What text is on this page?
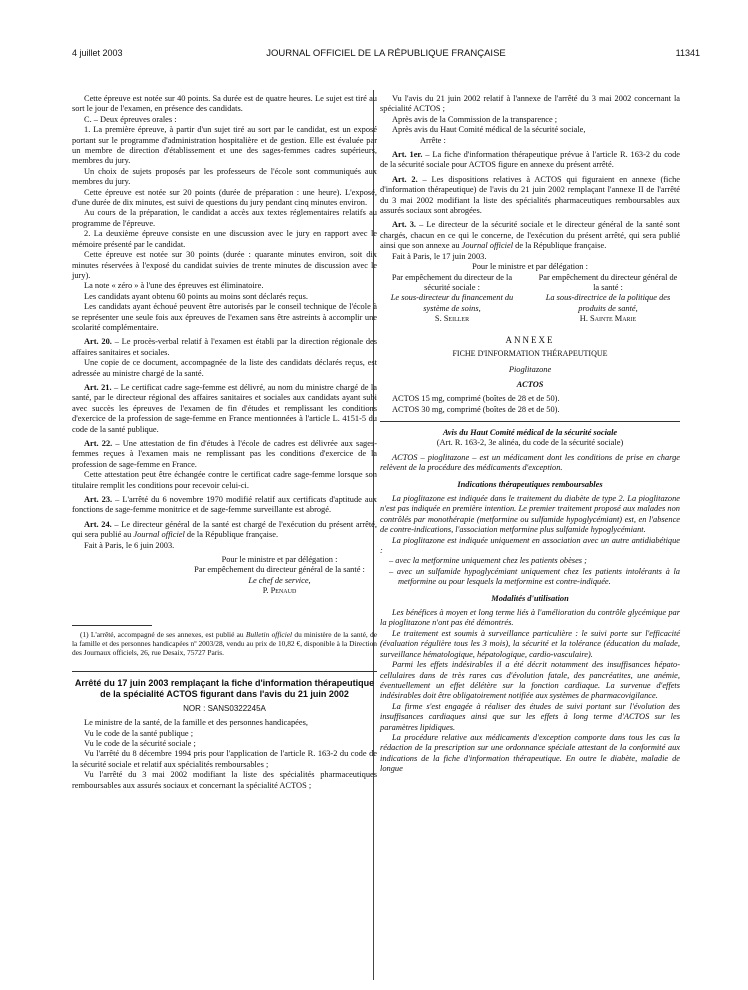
4 juillet 2003	JOURNAL OFFICIEL DE LA RÉPUBLIQUE FRANÇAISE	11341

Cette épreuve est notée sur 40 points. Sa durée est de quatre heures. Le sujet est tiré au sort le jour de l'examen, en présence des candidats.

C. – Deux épreuves orales :

1. La première épreuve, à partir d'un sujet tiré au sort par le candidat, est un exposé portant sur le programme d'administration hospitalière et de gestion. Elle est évaluée par un membre de direction d'établissement et une des sages-femmes cadres supérieurs, membres du jury.

Un choix de sujets proposés par les professeurs de l'école sont communiqués aux membres du jury.

Cette épreuve est notée sur 20 points (durée de préparation : une heure). L'exposé, d'une durée de dix minutes, est suivi de questions du jury pendant cinq minutes environ.

Au cours de la préparation, le candidat a accès aux textes réglementaires relatifs au programme de l'épreuve.

2. La deuxième épreuve consiste en une discussion avec le jury en rapport avec le mémoire présenté par le candidat.

Cette épreuve est notée sur 30 points (durée : quarante minutes environ, soit dix minutes réservées à l'exposé du candidat suivies de trente minutes de discussion avec le jury).

La note « zéro » à l'une des épreuves est éliminatoire.

Les candidats ayant obtenu 60 points au moins sont déclarés reçus.

Les candidats ayant échoué peuvent être autorisés par le conseil technique de l'école à se représenter une seule fois aux épreuves de l'examen sans être astreints à accomplir une scolarité complémentaire.

Art. 20. – Le procès-verbal relatif à l'examen est établi par la direction régionale des affaires sanitaires et sociales.

Une copie de ce document, accompagnée de la liste des candidats déclarés reçus, est adressée au ministre chargé de la santé.

Art. 21. – Le certificat cadre sage-femme est délivré, au nom du ministre chargé de la santé, par le directeur régional des affaires sanitaires et sociales aux candidats ayant subi avec succès les épreuves de l'examen de fin d'études et remplissant les conditions d'exercice de la profession de sage-femme en France mentionnées à l'article L. 4151-5 du code de la santé publique.

Art. 22. – Une attestation de fin d'études à l'école de cadres est délivrée aux sages-femmes reçues à l'examen mais ne remplissant pas les conditions d'exercice de la profession de sage-femme en France.

Cette attestation peut être échangée contre le certificat cadre sage-femme lorsque son titulaire remplit les conditions pour recevoir celui-ci.

Art. 23. – L'arrêté du 6 novembre 1970 modifié relatif aux certificats d'aptitude aux fonctions de sage-femme monitrice et de sage-femme surveillante est abrogé.

Art. 24. – Le directeur général de la santé est chargé de l'exécution du présent arrêté, qui sera publié au Journal officiel de la République française.

Fait à Paris, le 6 juin 2003.

Pour le ministre et par délégation :

Par empêchement du directeur général de la santé :

Le chef de service,

P. Penaud

(1) L'arrêté, accompagné de ses annexes, est publié au Bulletin officiel du ministère de la santé, de la famille et des personnes handicapées nº 2003/28, vendu au prix de 10,82 €, disponible à la Direction des Journaux officiels, 26, rue Desaix, 75727 Paris.

Arrêté du 17 juin 2003 remplaçant la fiche d'information thérapeutique de la spécialité ACTOS figurant dans l'avis du 21 juin 2002

NOR : SANS0322245A

Le ministre de la santé, de la famille et des personnes handicapées,

Vu le code de la santé publique ;

Vu le code de la sécurité sociale ;

Vu l'arrêté du 8 décembre 1994 pris pour l'application de l'article R. 163-2 du code de la sécurité sociale et relatif aux spécialités remboursables ;

Vu l'arrêté du 3 mai 2002 modifiant la liste des spécialités pharmaceutiques remboursables aux assurés sociaux et concernant la spécialité ACTOS ;

Vu l'avis du 21 juin 2002 relatif à l'annexe de l'arrêté du 3 mai 2002 concernant la spécialité ACTOS ;

Après avis de la Commission de la transparence ;

Après avis du Haut Comité médical de la sécurité sociale,

Arrête :

Art. 1er. – La fiche d'information thérapeutique prévue à l'article R. 163-2 du code de la sécurité sociale pour ACTOS figure en annexe du présent arrêté.

Art. 2. – Les dispositions relatives à ACTOS qui figuraient en annexe (fiche d'information thérapeutique) de l'avis du 21 juin 2002 remplaçant l'annexe II de l'arrêté du 3 mai 2002 modifiant la liste des spécialités pharmaceutiques remboursables aux assurés sociaux sont abrogées.

Art. 3. – Le directeur de la sécurité sociale et le directeur général de la santé sont chargés, chacun en ce qui le concerne, de l'exécution du présent arrêté, qui sera publié ainsi que son annexe au Journal officiel de la République française.

Fait à Paris, le 17 juin 2003.

Pour le ministre et par délégation :

Par empêchement du directeur de la sécurité sociale :

Le sous-directeur du financement du système de soins,

S. Seiller

Par empêchement du directeur général de la santé :

La sous-directrice de la politique des produits de santé,

H. Sainte Marie

ANNEXE

FICHE D'INFORMATION THÉRAPEUTIQUE

Pioglitazone

ACTOS

ACTOS 15 mg, comprimé (boîtes de 28 et de 50).

ACTOS 30 mg, comprimé (boîtes de 28 et de 50).

Avis du Haut Comité médical de la sécurité sociale

(Art. R. 163-2, 3e alinéa, du code de la sécurité sociale)

ACTOS – pioglitazone – est un médicament dont les conditions de prise en charge relèvent de la procédure des médicaments d'exception.

Indications thérapeutiques remboursables

La pioglitazone est indiquée dans le traitement du diabète de type 2. La pioglitazone n'est pas indiquée en première intention. Le premier traitement proposé aux malades non contrôlés par monothérapie (metformine ou sulfamide hypoglycémiant) est, en l'absence de contre-indications, l'association metformine plus sulfamide hypoglycémiant.

La pioglitazone est indiquée uniquement en association avec un autre antidiabétique :

– avec la metformine uniquement chez les patients obèses ;
– avec un sulfamide hypoglycémiant uniquement chez les patients intolérants à la metformine ou pour lesquels la metformine est contre-indiquée.

Modalités d'utilisation

Les bénéfices à moyen et long terme liés à l'amélioration du contrôle glycémique par la pioglitazone n'ont pas été démontrés.

Le traitement est soumis à surveillance particulière : le suivi porte sur l'efficacité (évaluation régulière tous les 3 mois), la sécurité et la tolérance (éducation du malade, surveillance hématologique, hépatologique, cardio-vasculaire).

Parmi les effets indésirables il a été décrit notamment des insuffisances hépato-cellulaires dans de très rares cas d'évolution fatale, des pancréatites, une anémie, éventuellement un effet délétère sur la fonction cardiaque. La survenue d'effets indésirables doit être obligatoirement notifiée aux systèmes de pharmacovigilance.

La firme s'est engagée à réaliser des études de suivi portant sur l'évolution des insuffisances cardiaques ainsi que sur les effets à long terme d'ACTOS sur les paramètres lipidiques.

La procédure relative aux médicaments d'exception comporte dans tous les cas la rédaction de la prescription sur une ordonnance spéciale attestant de la conformité aux indications de la fiche d'information thérapeutique. En outre le diabète, maladie de longue
